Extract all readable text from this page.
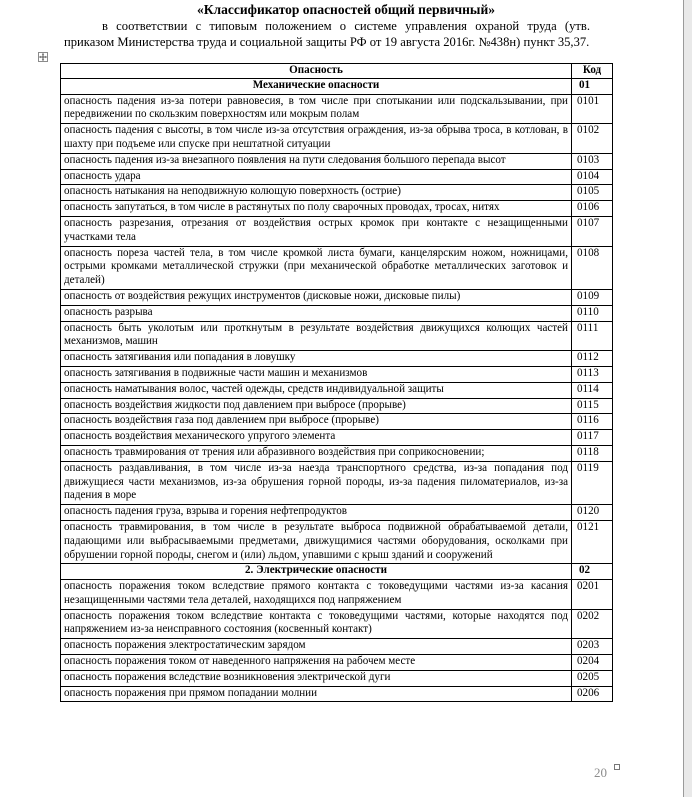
«Классификатор опасностей общий первичный»

в соответствии с типовым положением о системе управления охраной труда (утв. приказом Министерства труда и социальной защиты РФ от 19 августа 2016г. №438н) пункт 35,37.

Опасность	Код
Механические опасности	01
опасность падения из-за потери равновесия, в том числе при спотыкании или подскальзывании, при передвижении по скользким поверхностям или мокрым полам	0101
опасность падения с высоты, в том числе из-за отсутствия ограждения, из-за обрыва троса, в котлован, в шахту при подъеме или спуске при нештатной ситуации	0102
опасность падения из-за внезапного появления на пути следования большого перепада высот	0103
опасность удара	0104
опасность натыкания на неподвижную колющую поверхность (острие)	0105
опасность запутаться, в том числе в растянутых по полу сварочных проводах, тросах, нитях	0106
опасность разрезания, отрезания от воздействия острых кромок при контакте с незащищенными участками тела	0107
опасность пореза частей тела, в том числе кромкой листа бумаги, канцелярским ножом, ножницами, острыми кромками металлической стружки (при механической обработке металлических заготовок и деталей)	0108
опасность от воздействия режущих инструментов (дисковые ножи, дисковые пилы)	0109
опасность разрыва	0110
опасность быть уколотым или проткнутым в результате воздействия движущихся колющих частей механизмов, машин	0111
опасность затягивания или попадания в ловушку	0112
опасность затягивания в подвижные части машин и механизмов	0113
опасность наматывания волос, частей одежды, средств индивидуальной защиты	0114
опасность воздействия жидкости под давлением при выбросе (прорыве)	0115
опасность воздействия газа под давлением при выбросе (прорыве)	0116
опасность воздействия механического упругого элемента	0117
опасность травмирования от трения или абразивного воздействия при соприкосновении;	0118
опасность раздавливания, в том числе из-за наезда транспортного средства, из-за попадания под движущиеся части механизмов, из-за обрушения горной породы, из-за падения пиломатериалов, из-за падения в море	0119
опасность падения груза, взрыва и горения нефтепродуктов	0120
опасность травмирования, в том числе в результате выброса подвижной обрабатываемой детали, падающими или выбрасываемыми предметами, движущимися частями оборудования, осколками при обрушении горной породы, снегом и (или) льдом, упавшими с крыш зданий и сооружений	0121
2. Электрические опасности	02
опасность поражения током вследствие прямого контакта с токоведущими частями из-за касания незащищенными частями тела деталей, находящихся под напряжением	0201
опасность поражения током вследствие контакта с токоведущими частями, которые находятся под напряжением из-за неисправного состояния (косвенный контакт)	0202
опасность поражения электростатическим зарядом	0203
опасность поражения током от наведенного напряжения на рабочем месте	0204
опасность поражения вследствие возникновения электрической дуги	0205
опасность поражения при прямом попадании молнии	0206

20
